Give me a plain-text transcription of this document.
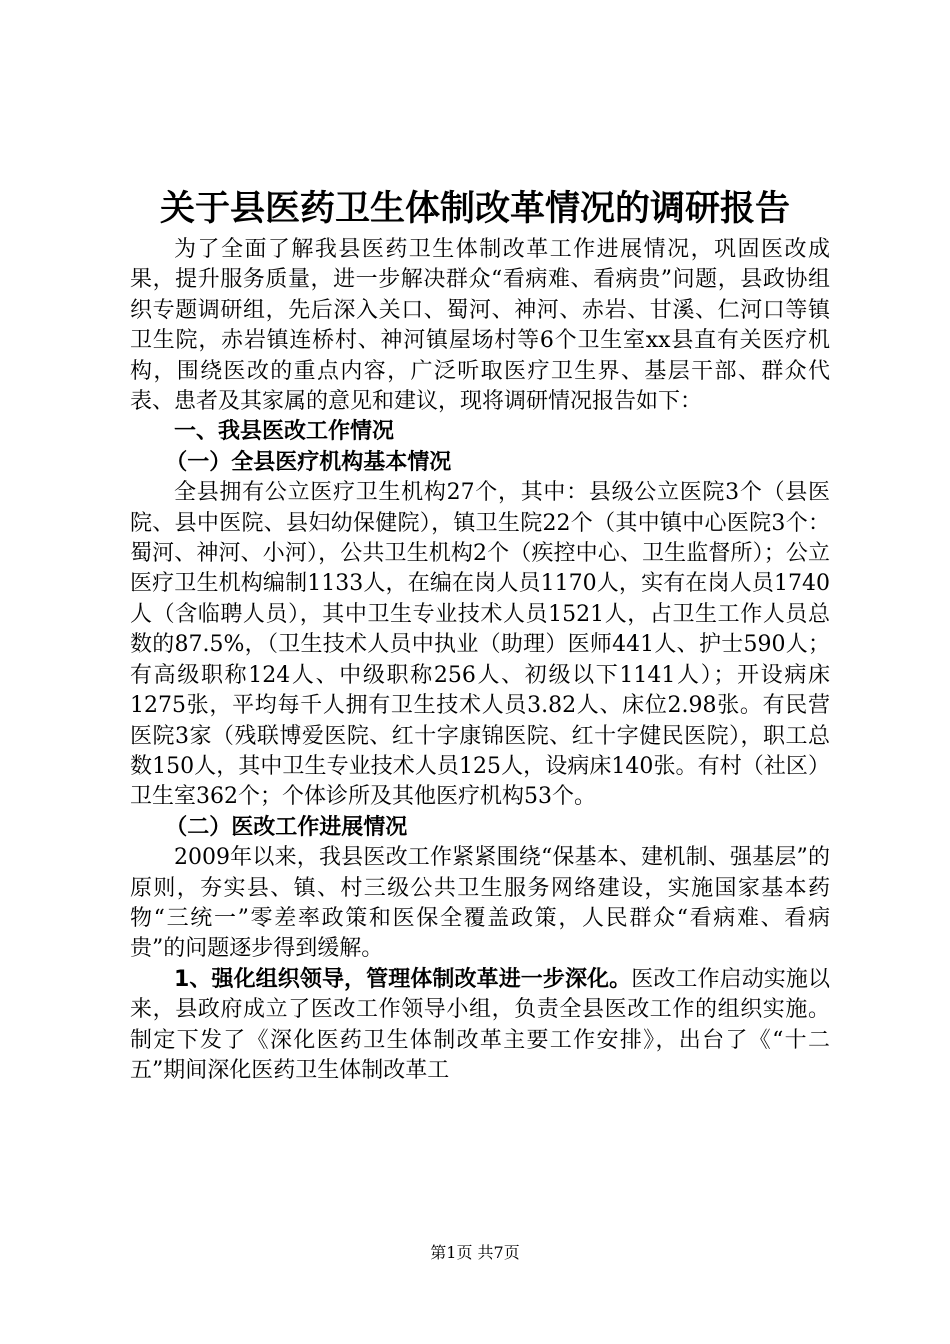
关于县医药卫生体制改革情况的调研报告

为了全面了解我县医药卫生体制改革工作进展情况，巩固医改成果，提升服务质量，进一步解决群众“看病难、看病贵”问题，县政协组织专题调研组，先后深入关口、蜀河、神河、赤岩、甘溪、仁河口等镇卫生院，赤岩镇连桥村、神河镇屋场村等6个卫生室xx县直有关医疗机构，围绕医改的重点内容，广泛听取医疗卫生界、基层干部、群众代表、患者及其家属的意见和建议，现将调研情况报告如下：

一、我县医改工作情况

（一）全县医疗机构基本情况

全县拥有公立医疗卫生机构27个，其中：县级公立医院3个（县医院、县中医院、县妇幼保健院），镇卫生院22个（其中镇中心医院3个：蜀河、神河、小河），公共卫生机构2个（疾控中心、卫生监督所）；公立医疗卫生机构编制1133人，在编在岗人员1170人，实有在岗人员1740人（含临聘人员），其中卫生专业技术人员1521人，占卫生工作人员总数的87.5%，（卫生技术人员中执业（助理）医师441人、护士590人；有高级职称124人、中级职称256人、初级以下1141人）；开设病床1275张，平均每千人拥有卫生技术人员3.82人、床位2.98张。有民营医院3家（残联博爱医院、红十字康锦医院、红十字健民医院），职工总数150人，其中卫生专业技术人员125人，设病床140张。有村（社区）卫生室362个；个体诊所及其他医疗机构53个。

（二）医改工作进展情况

2009年以来，我县医改工作紧紧围绕“保基本、建机制、强基层”的原则，夯实县、镇、村三级公共卫生服务网络建设，实施国家基本药物“三统一”零差率政策和医保全覆盖政策，人民群众“看病难、看病贵”的问题逐步得到缓解。

1、强化组织领导，管理体制改革进一步深化。医改工作启动实施以来，县政府成立了医改工作领导小组，负责全县医改工作的组织实施。制定下发了《深化医药卫生体制改革主要工作安排》，出台了《“十二五”期间深化医药卫生体制改革工

第1页 共7页
